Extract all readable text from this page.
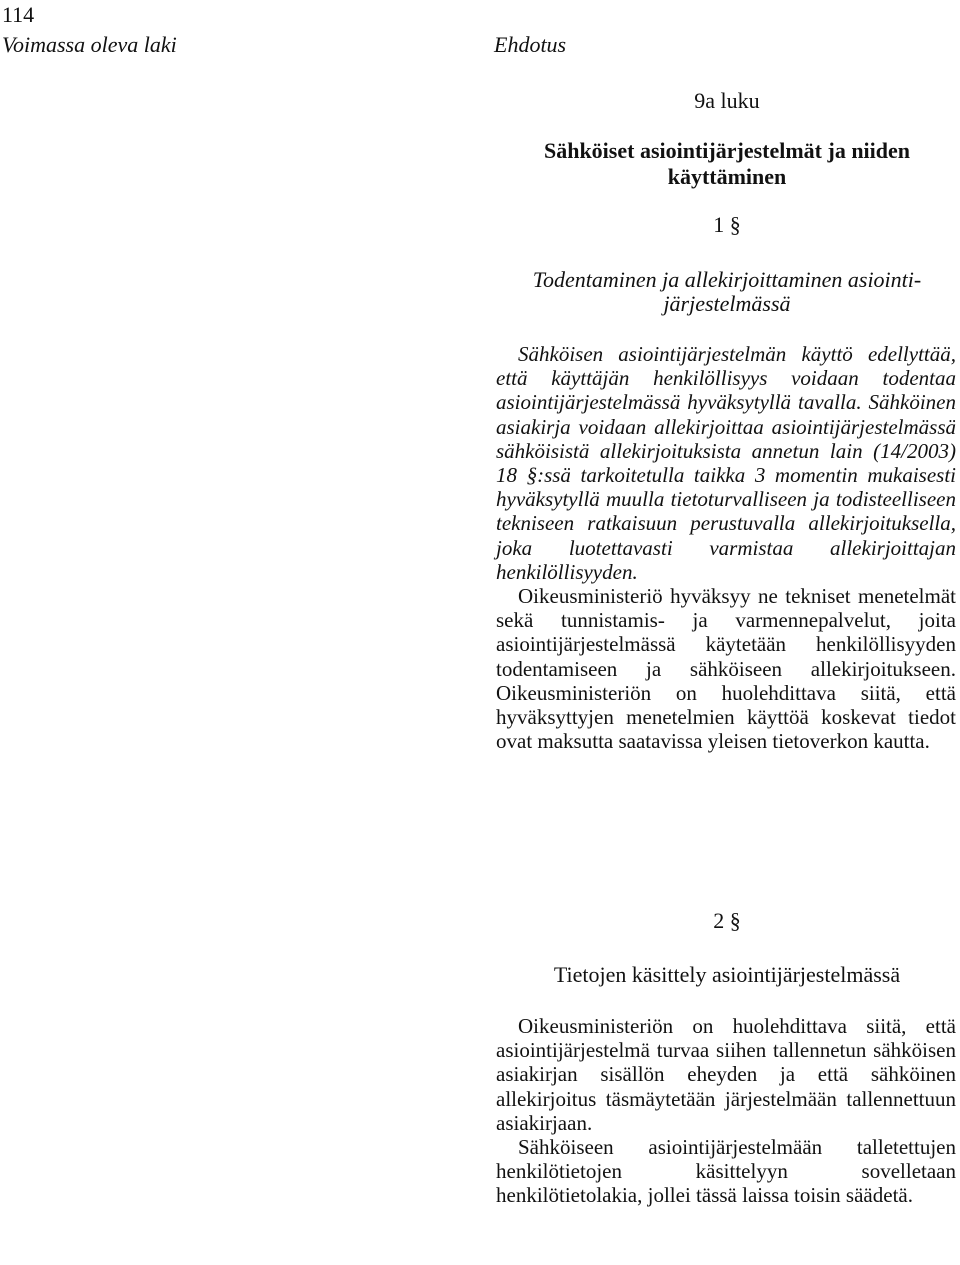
114
Voimassa oleva laki	Ehdotus
9a luku
Sähköiset asiointijärjestelmät ja niiden
käyttäminen
1 §
Todentaminen ja allekirjoittaminen asiointi-
järjestelmässä

Sähköisen asiointijärjestelmän käyttö edellyttää, että käyttäjän henkilöllisyys voidaan todentaa asiointijärjestelmässä hyväksytyllä tavalla. Sähköinen asiakirja voidaan allekirjoittaa asiointijärjestelmässä sähköisistä allekirjoituksista annetun lain (14/2003) 18 §:ssä tarkoitetulla taikka 3 momentin mukaisesti hyväksytyllä muulla tietoturvalliseen ja todisteelliseen tekniseen ratkaisuun perustuvalla allekirjoituksella, joka luotettavasti varmistaa allekirjoittajan henkilöllisyyden.

Oikeusministeriö hyväksyy ne tekniset menetelmät sekä tunnistamis- ja varmennepalvelut, joita asiointijärjestelmässä käytetään henkilöllisyyden todentamiseen ja sähköiseen allekirjoitukseen. Oikeusministeriön on huolehdittava siitä, että hyväksyttyjen menetelmien käyttöä koskevat tiedot ovat maksutta saatavissa yleisen tietoverkon kautta.

2 §
Tietojen käsittely asiointijärjestelmässä

Oikeusministeriön on huolehdittava siitä, että asiointijärjestelmä turvaa siihen tallennetun sähköisen asiakirjan sisällön eheyden ja että sähköinen allekirjoitus täsmäytetään järjestelmään tallennettuun asiakirjaan.

Sähköiseen asiointijärjestelmään talletettujen henkilötietojen käsittelyyn sovelletaan henkilötietolakia, jollei tässä laissa toisin säädetä.
